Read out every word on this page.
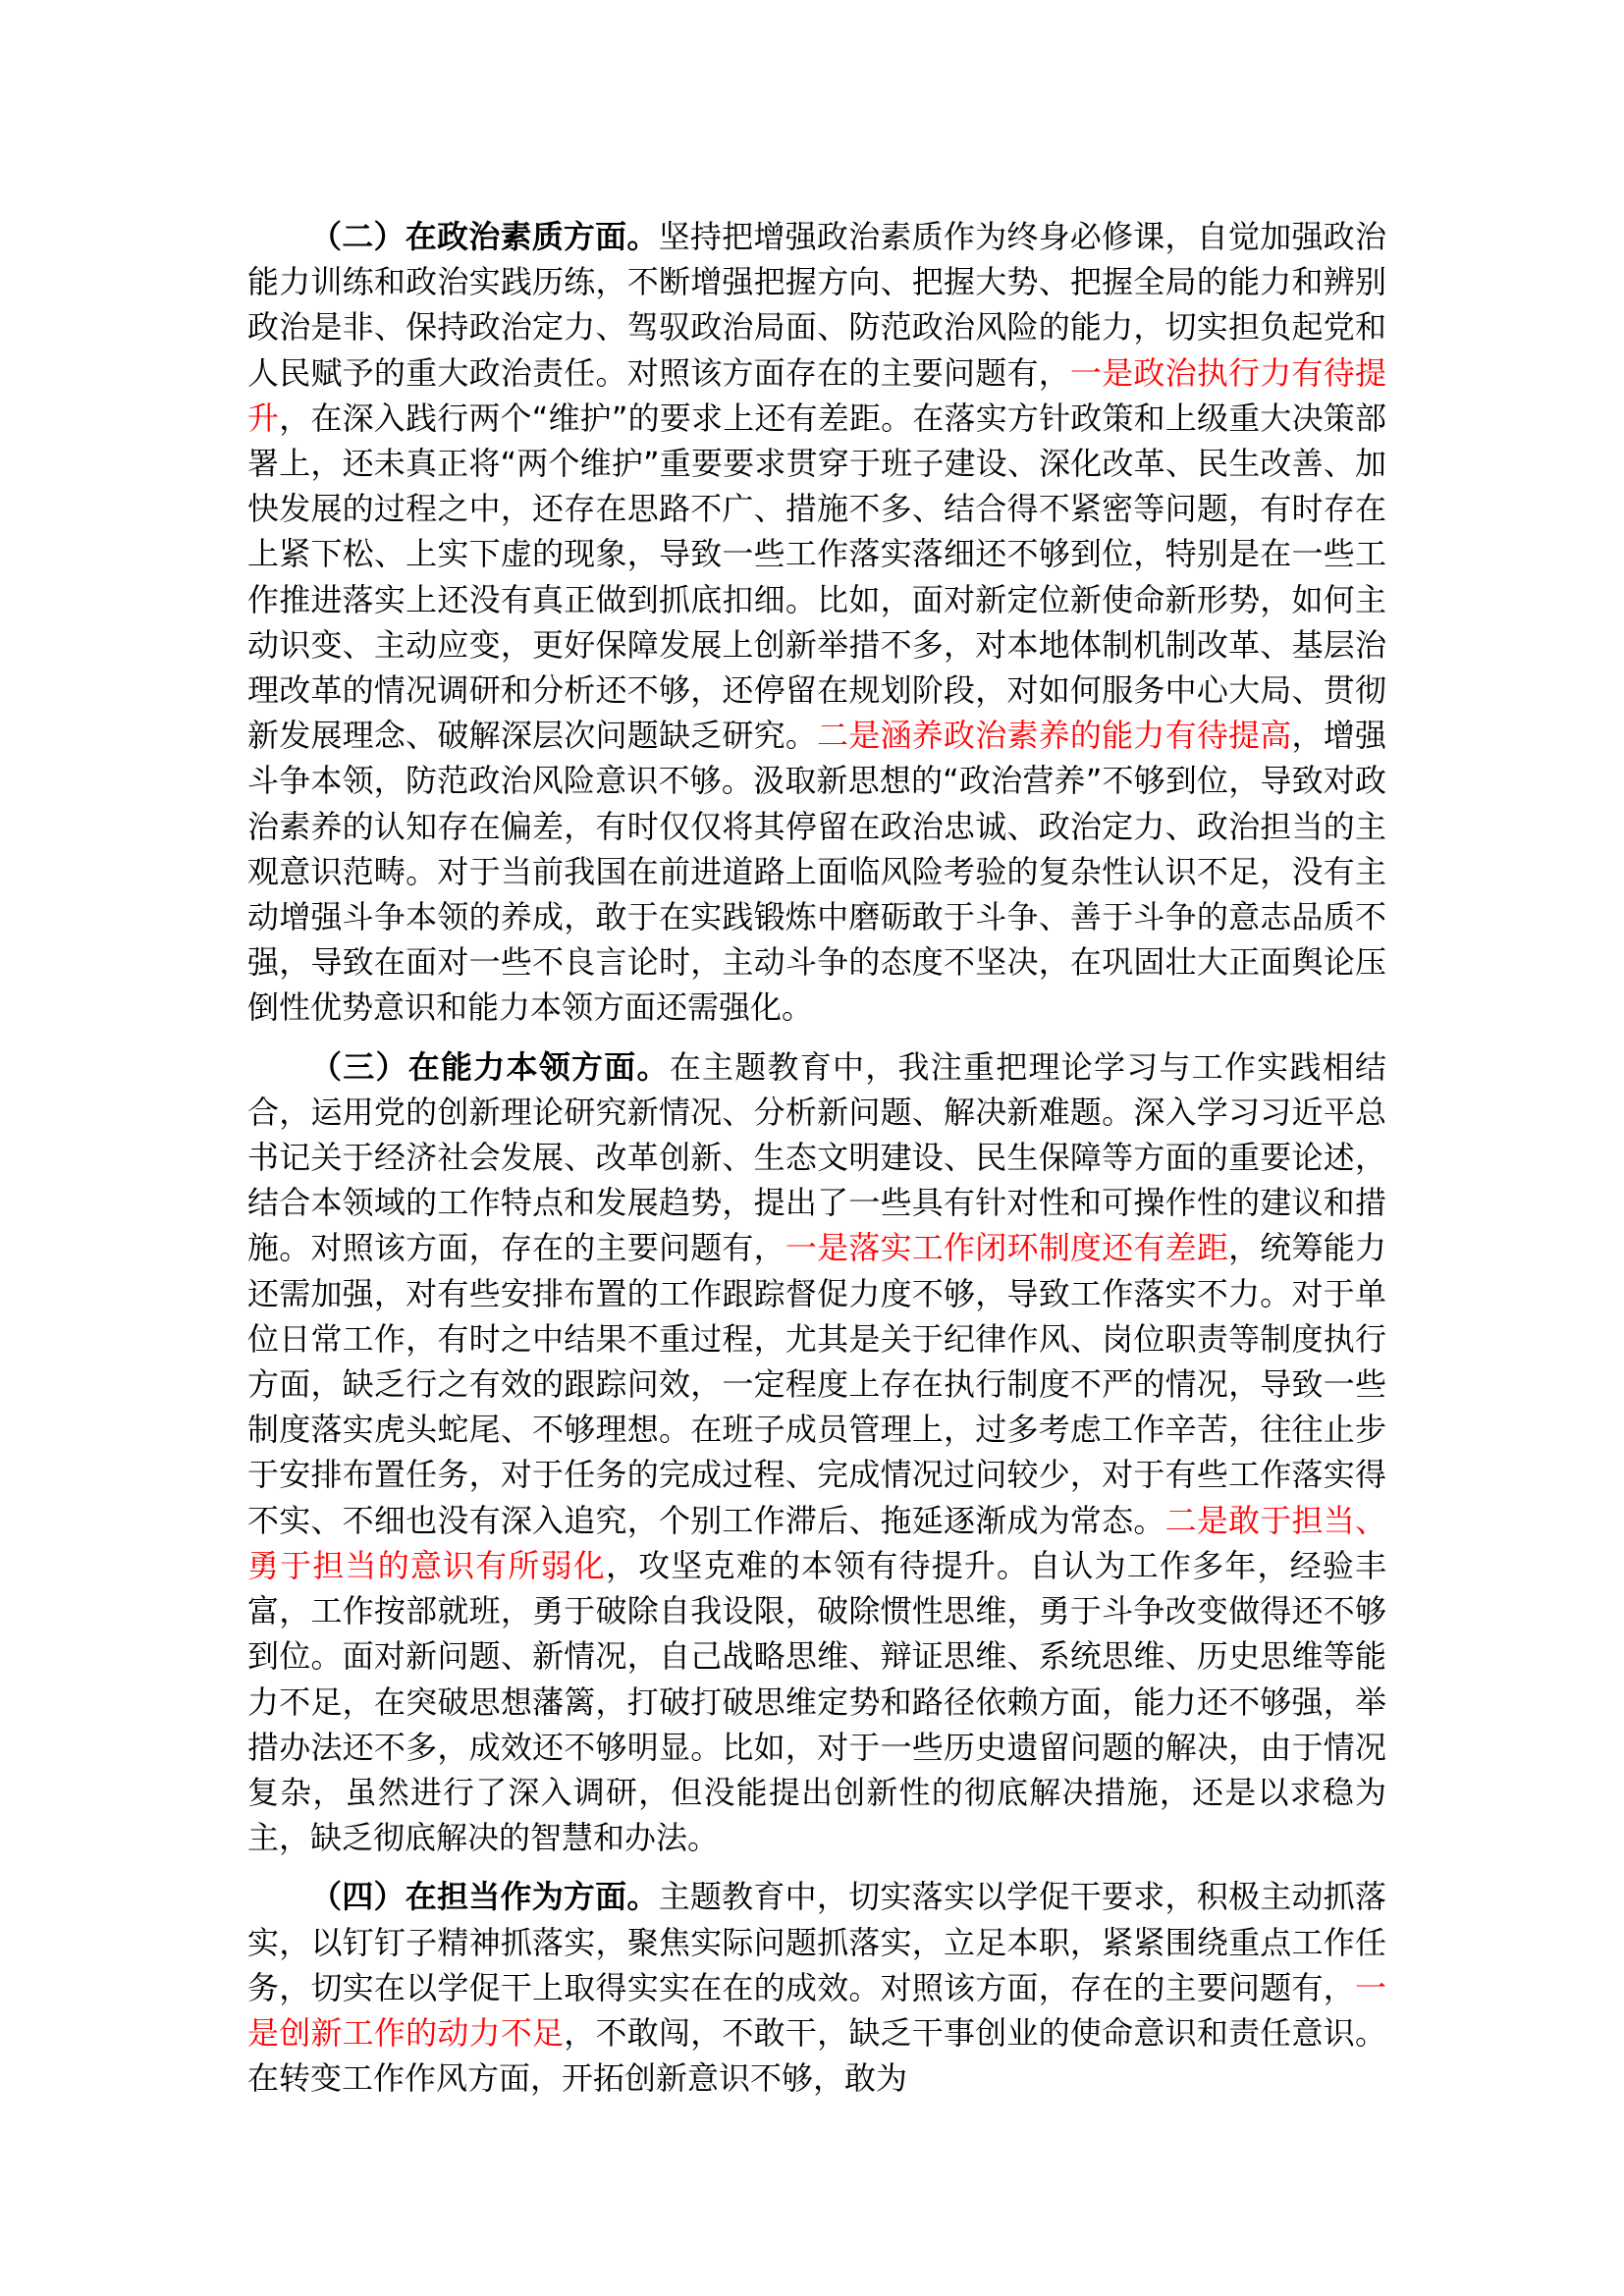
（二）在政治素质方面。坚持把增强政治素质作为终身必修课，自觉加强政治能力训练和政治实践历练，不断增强把握方向、把握大势、把握全局的能力和辨别政治是非、保持政治定力、驾驭政治局面、防范政治风险的能力，切实担负起党和人民赋予的重大政治责任。对照该方面存在的主要问题有，一是政治执行力有待提升，在深入践行两个“维护”的要求上还有差距。在落实方针政策和上级重大决策部署上，还未真正将“两个维护”重要要求贯穿于班子建设、深化改革、民生改善、加快发展的过程之中，还存在思路不广、措施不多、结合得不紧密等问题，有时存在上紧下松、上实下虚的现象，导致一些工作落实落细还不够到位，特别是在一些工作推进落实上还没有真正做到抓底扣细。比如，面对新定位新使命新形势，如何主动识变、主动应变，更好保障发展上创新举措不多，对本地体制机制改革、基层治理改革的情况调研和分析还不够，还停留在规划阶段，对如何服务中心大局、贯彻新发展理念、破解深层次问题缺乏研究。二是涵养政治素养的能力有待提高，增强斗争本领，防范政治风险意识不够。汲取新思想的“政治营养”不够到位，导致对政治素养的认知存在偏差，有时仅仅将其停留在政治忠诚、政治定力、政治担当的主观意识范畴。对于当前我国在前进道路上面临风险考验的复杂性认识不足，没有主动增强斗争本领的养成，敢于在实践锻炼中磨砺敢于斗争、善于斗争的意志品质不强，导致在面对一些不良言论时，主动斗争的态度不坚决，在巩固壮大正面舆论压倒性优势意识和能力本领方面还需强化。

（三）在能力本领方面。在主题教育中，我注重把理论学习与工作实践相结合，运用党的创新理论研究新情况、分析新问题、解决新难题。深入学习习近平总书记关于经济社会发展、改革创新、生态文明建设、民生保障等方面的重要论述，结合本领域的工作特点和发展趋势，提出了一些具有针对性和可操作性的建议和措施。对照该方面，存在的主要问题有，一是落实工作闭环制度还有差距，统筹能力还需加强，对有些安排布置的工作跟踪督促力度不够，导致工作落实不力。对于单位日常工作，有时之中结果不重过程，尤其是关于纪律作风、岗位职责等制度执行方面，缺乏行之有效的跟踪问效，一定程度上存在执行制度不严的情况，导致一些制度落实虎头蛇尾、不够理想。在班子成员管理上，过多考虑工作辛苦，往往止步于安排布置任务，对于任务的完成过程、完成情况过问较少，对于有些工作落实得不实、不细也没有深入追究，个别工作滞后、拖延逐渐成为常态。二是敢于担当、勇于担当的意识有所弱化，攻坚克难的本领有待提升。自认为工作多年，经验丰富，工作按部就班，勇于破除自我设限，破除惯性思维，勇于斗争改变做得还不够到位。面对新问题、新情况，自己战略思维、辩证思维、系统思维、历史思维等能力不足，在突破思想藩篱，打破打破思维定势和路径依赖方面，能力还不够强，举措办法还不多，成效还不够明显。比如，对于一些历史遗留问题的解决，由于情况复杂，虽然进行了深入调研，但没能提出创新性的彻底解决措施，还是以求稳为主，缺乏彻底解决的智慧和办法。

（四）在担当作为方面。主题教育中，切实落实以学促干要求，积极主动抓落实，以钉钉子精神抓落实，聚焦实际问题抓落实，立足本职，紧紧围绕重点工作任务，切实在以学促干上取得实实在在的成效。对照该方面，存在的主要问题有，一是创新工作的动力不足，不敢闯，不敢干，缺乏干事创业的使命意识和责任意识。在转变工作作风方面，开拓创新意识不够，敢为
